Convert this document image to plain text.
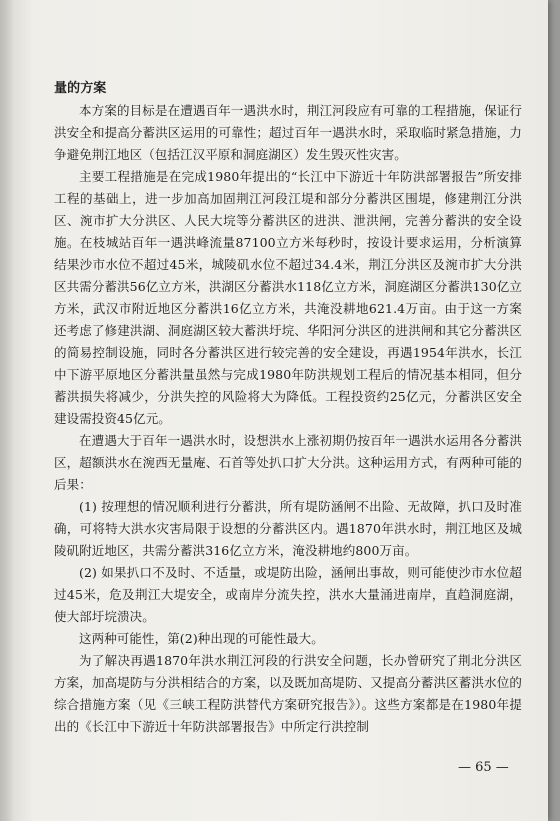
量的方案

本方案的目标是在遭遇百年一遇洪水时，荆江河段应有可靠的工程措施，保证行洪安全和提高分蓄洪区运用的可靠性；超过百年一遇洪水时，采取临时紧急措施，力争避免荆江地区（包括江汉平原和洞庭湖区）发生毁灭性灾害。

主要工程措施是在完成1980年提出的“长江中下游近十年防洪部署报告”所安排工程的基础上，进一步加高加固荆江河段江堤和部分分蓄洪区围堤，修建荆江分洪区、涴市扩大分洪区、人民大垸等分蓄洪区的进洪、泄洪闸，完善分蓄洪的安全设施。在枝城站百年一遇洪峰流量87100立方米每秒时，按设计要求运用，分析演算结果沙市水位不超过45米，城陵矶水位不超过34.4米，荆江分洪区及涴市扩大分洪区共需分蓄洪56亿立方米，洪湖区分蓄洪水118亿立方米，洞庭湖区分蓄洪130亿立方米，武汉市附近地区分蓄洪16亿立方米，共淹没耕地621.4万亩。由于这一方案还考虑了修建洪湖、洞庭湖区较大蓄洪圩垸、华阳河分洪区的进洪闸和其它分蓄洪区的简易控制设施，同时各分蓄洪区进行较完善的安全建设，再遇1954年洪水，长江中下游平原地区分蓄洪量虽然与完成1980年防洪规划工程后的情况基本相同，但分蓄洪损失将减少，分洪失控的风险将大为降低。工程投资约25亿元，分蓄洪区安全建设需投资45亿元。

在遭遇大于百年一遇洪水时，设想洪水上涨初期仍按百年一遇洪水运用各分蓄洪区，超额洪水在涴西无量庵、石首等处扒口扩大分洪。这种运用方式，有两种可能的后果：

(1) 按理想的情况顺利进行分蓄洪，所有堤防涵闸不出险、无故障，扒口及时准确，可将特大洪水灾害局限于设想的分蓄洪区内。遇1870年洪水时，荆江地区及城陵矶附近地区，共需分蓄洪316亿立方米，淹没耕地约800万亩。

(2) 如果扒口不及时、不适量，或堤防出险，涵闸出事故，则可能使沙市水位超过45米，危及荆江大堤安全，或南岸分流失控，洪水大量涌进南岸，直趋洞庭湖，使大部圩垸溃决。

这两种可能性，第(2)种出现的可能性最大。

为了解决再遇1870年洪水荆江河段的行洪安全问题，长办曾研究了荆北分洪区方案，加高堤防与分洪相结合的方案，以及既加高堤防、又提高分蓄洪区蓄洪水位的综合措施方案（见《三峡工程防洪替代方案研究报告》）。这些方案都是在1980年提出的《长江中下游近十年防洪部署报告》中所定行洪控制

— 65 —
